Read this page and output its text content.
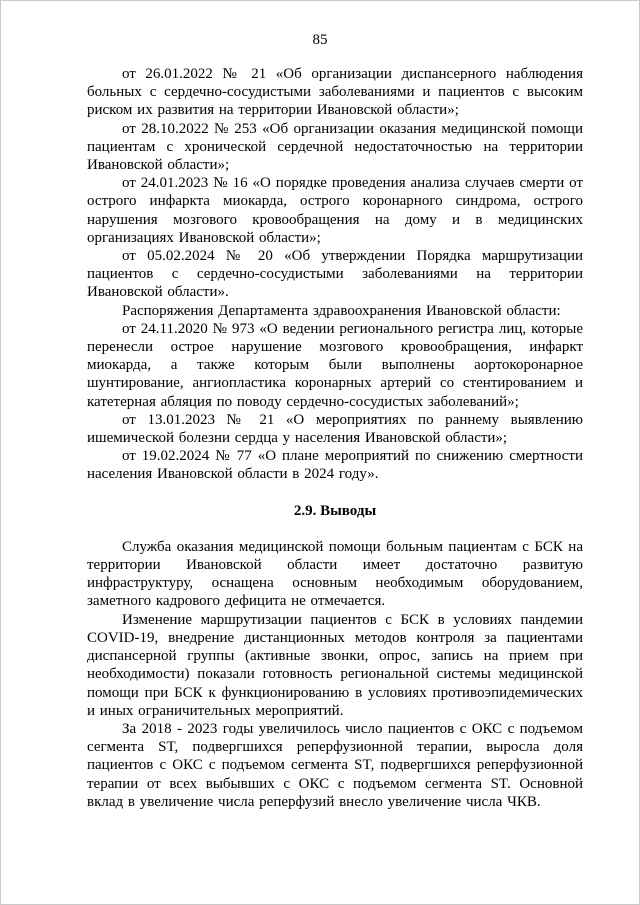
85

от 26.01.2022 № 21 «Об организации диспансерного наблюдения больных с сердечно-сосудистыми заболеваниями и пациентов с высоким риском их развития на территории Ивановской области»;

от 28.10.2022 № 253 «Об организации оказания медицинской помощи пациентам с хронической сердечной недостаточностью на территории Ивановской области»;

от 24.01.2023 № 16 «О порядке проведения анализа случаев смерти от острого инфаркта миокарда, острого коронарного синдрома, острого нарушения мозгового кровообращения на дому и в медицинских организациях Ивановской области»;

от 05.02.2024 № 20 «Об утверждении Порядка маршрутизации пациентов с сердечно-сосудистыми заболеваниями на территории Ивановской области».

Распоряжения Департамента здравоохранения Ивановской области:

от 24.11.2020 № 973 «О ведении регионального регистра лиц, которые перенесли острое нарушение мозгового кровообращения, инфаркт миокарда, а также которым были выполнены аортокоронарное шунтирование, ангиопластика коронарных артерий со стентированием и катетерная абляция по поводу сердечно-сосудистых заболеваний»;

от 13.01.2023 № 21 «О мероприятиях по раннему выявлению ишемической болезни сердца у населения Ивановской области»;

от 19.02.2024 № 77 «О плане мероприятий по снижению смертности населения Ивановской области в 2024 году».

2.9. Выводы

Служба оказания медицинской помощи больным пациентам с БСК на территории Ивановской области имеет достаточно развитую инфраструктуру, оснащена основным необходимым оборудованием, заметного кадрового дефицита не отмечается.

Изменение маршрутизации пациентов с БСК в условиях пандемии COVID-19, внедрение дистанционных методов контроля за пациентами диспансерной группы (активные звонки, опрос, запись на прием при необходимости) показали готовность региональной системы медицинской помощи при БСК к функционированию в условиях противоэпидемических и иных ограничительных мероприятий.

За 2018 - 2023 годы увеличилось число пациентов с ОКС с подъемом сегмента ST, подвергшихся реперфузионной терапии, выросла доля пациентов с ОКС с подъемом сегмента ST, подвергшихся реперфузионной терапии от всех выбывших с ОКС с подъемом сегмента ST. Основной вклад в увеличение числа реперфузий внесло увеличение числа ЧКВ.
